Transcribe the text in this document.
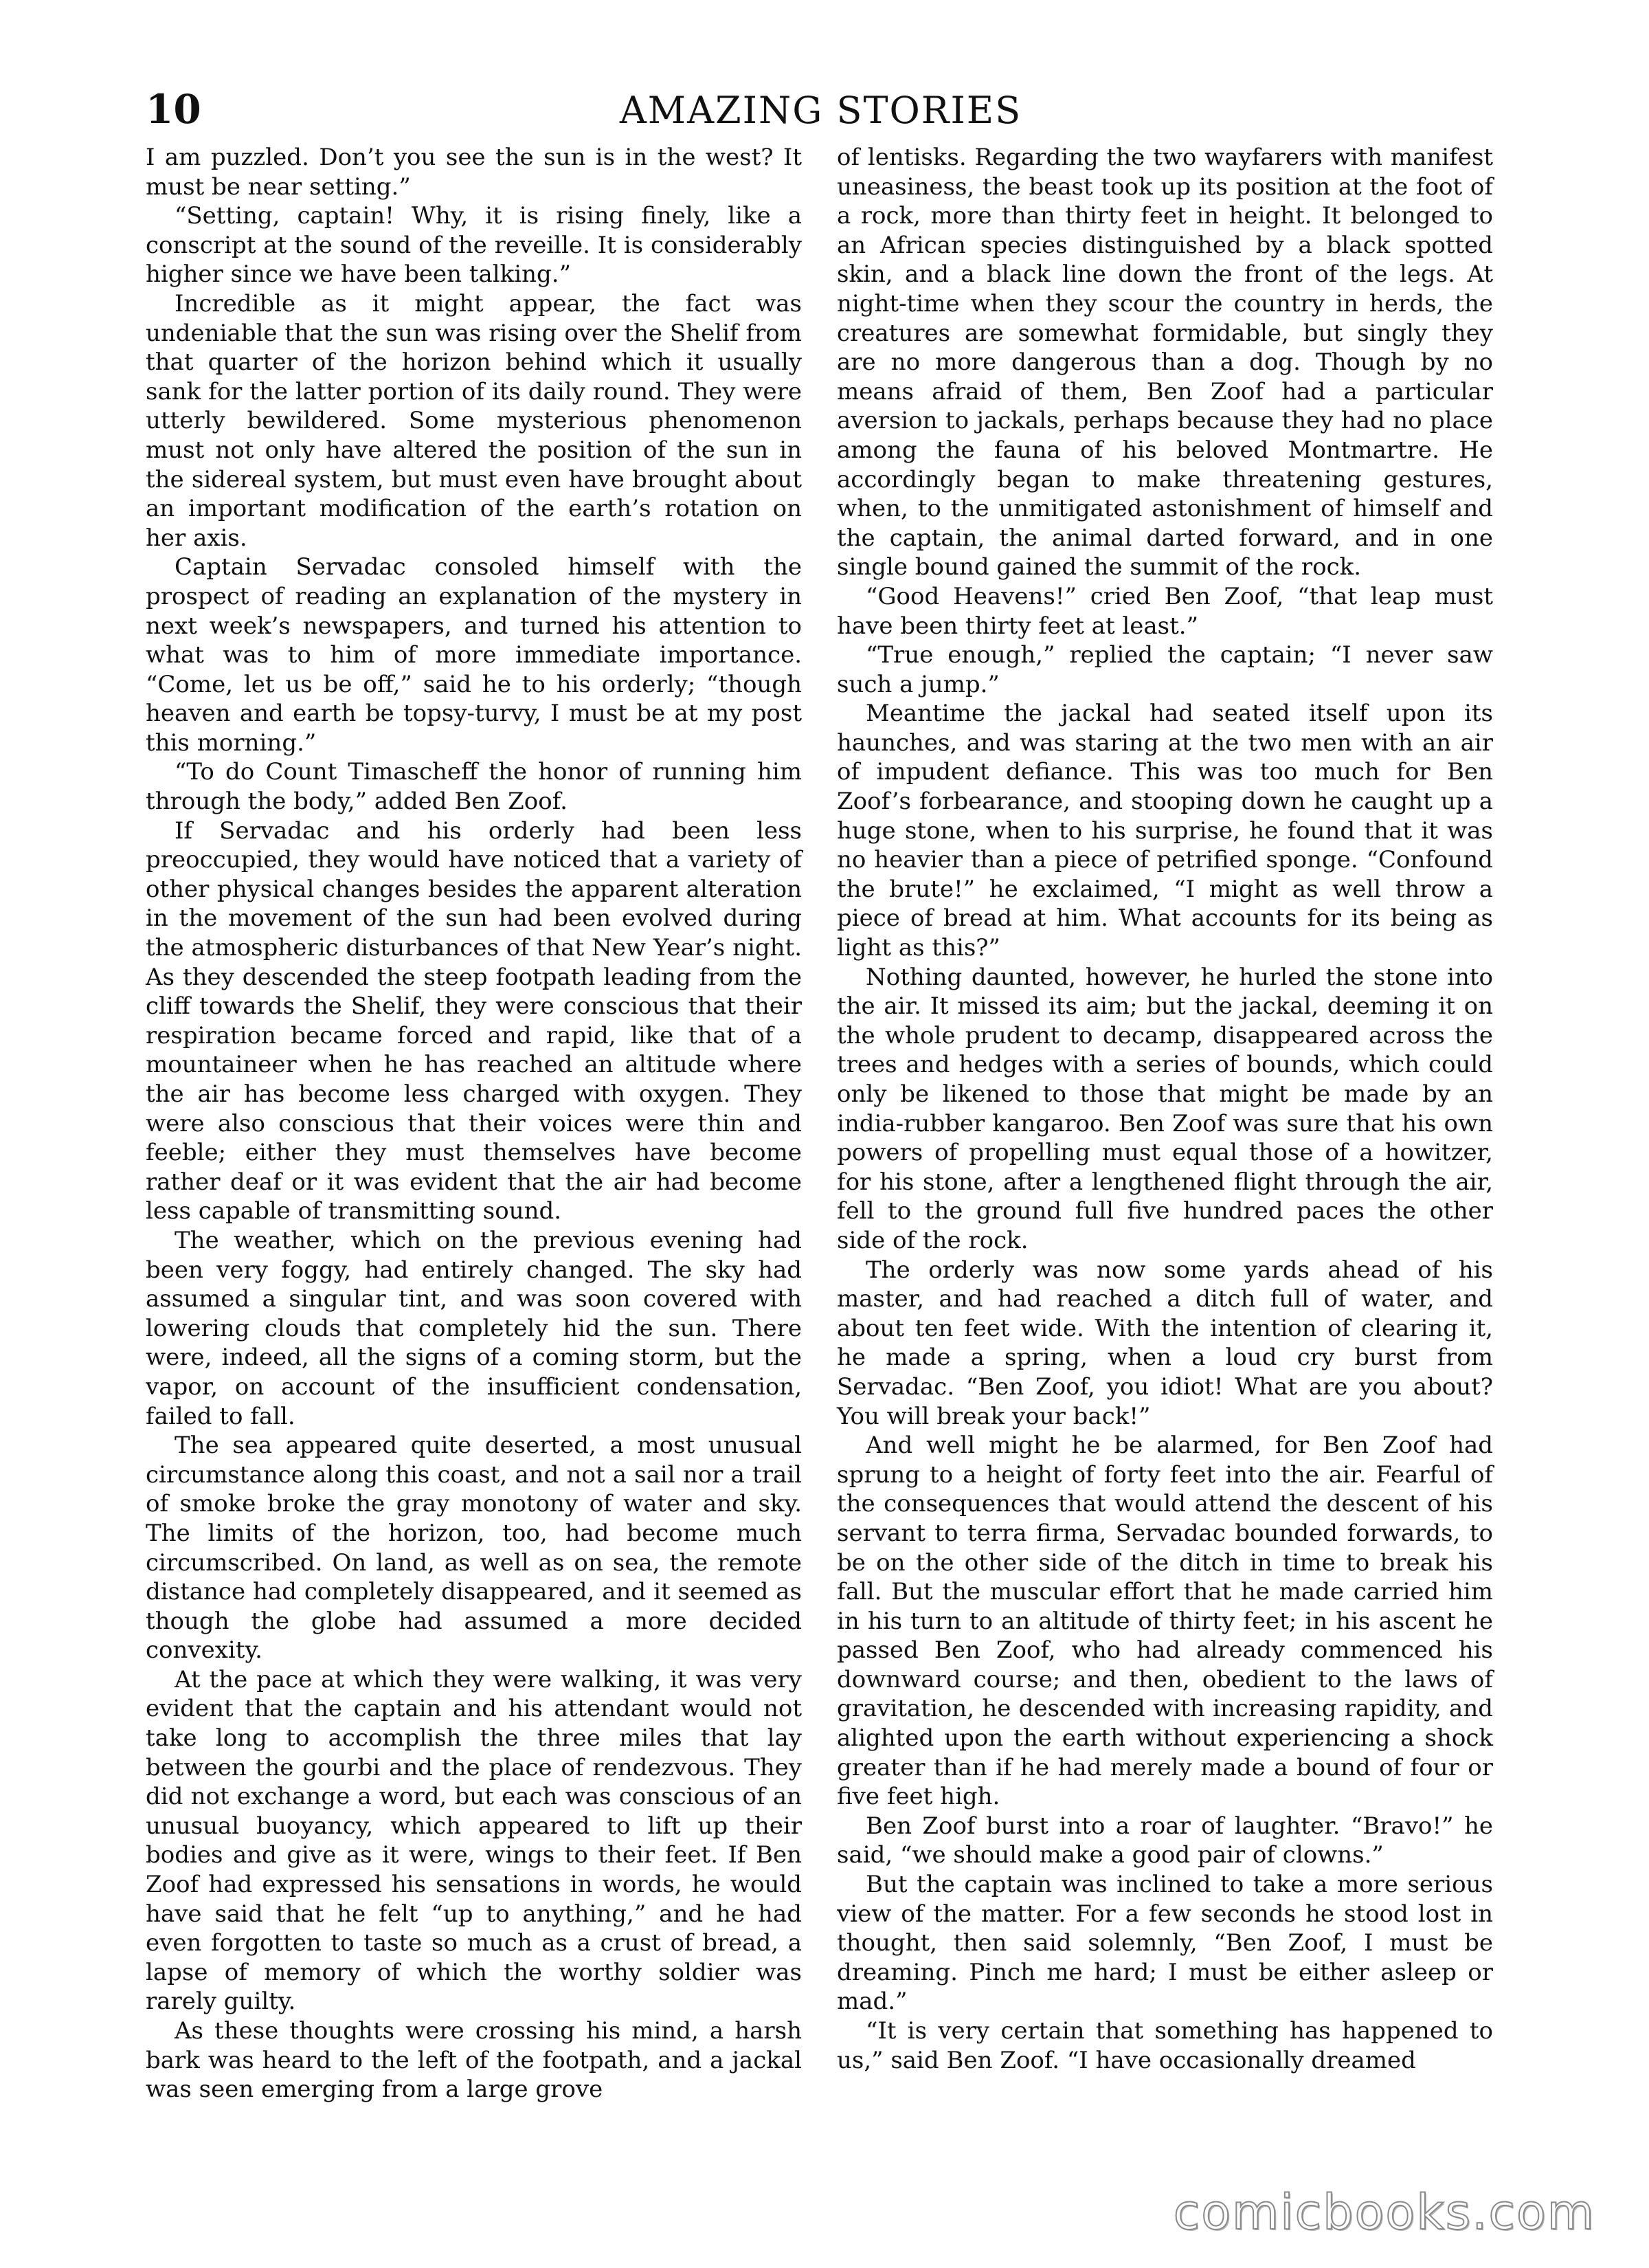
10	AMAZING STORIES

I am puzzled. Don’t you see the sun is in the west? It must be near setting.”

“Setting, captain! Why, it is rising finely, like a conscript at the sound of the reveille. It is considerably higher since we have been talking.”

Incredible as it might appear, the fact was undeniable that the sun was rising over the Shelif from that quarter of the horizon behind which it usually sank for the latter portion of its daily round. They were utterly bewildered. Some mysterious phenomenon must not only have altered the position of the sun in the sidereal system, but must even have brought about an important modification of the earth’s rotation on her axis.

Captain Servadac consoled himself with the prospect of reading an explanation of the mystery in next week’s newspapers, and turned his attention to what was to him of more immediate importance. “Come, let us be off,” said he to his orderly; “though heaven and earth be topsy-turvy, I must be at my post this morning.”

“To do Count Timascheff the honor of running him through the body,” added Ben Zoof.

If Servadac and his orderly had been less preoccupied, they would have noticed that a variety of other physical changes besides the apparent alteration in the movement of the sun had been evolved during the atmospheric disturbances of that New Year’s night. As they descended the steep footpath leading from the cliff towards the Shelif, they were conscious that their respiration became forced and rapid, like that of a mountaineer when he has reached an altitude where the air has become less charged with oxygen. They were also conscious that their voices were thin and feeble; either they must themselves have become rather deaf or it was evident that the air had become less capable of transmitting sound.

The weather, which on the previous evening had been very foggy, had entirely changed. The sky had assumed a singular tint, and was soon covered with lowering clouds that completely hid the sun. There were, indeed, all the signs of a coming storm, but the vapor, on account of the insufficient condensation, failed to fall.

The sea appeared quite deserted, a most unusual circumstance along this coast, and not a sail nor a trail of smoke broke the gray monotony of water and sky. The limits of the horizon, too, had become much circumscribed. On land, as well as on sea, the remote distance had completely disappeared, and it seemed as though the globe had assumed a more decided convexity.

At the pace at which they were walking, it was very evident that the captain and his attendant would not take long to accomplish the three miles that lay between the gourbi and the place of rendezvous. They did not exchange a word, but each was conscious of an unusual buoyancy, which appeared to lift up their bodies and give as it were, wings to their feet. If Ben Zoof had expressed his sensations in words, he would have said that he felt “up to anything,” and he had even forgotten to taste so much as a crust of bread, a lapse of memory of which the worthy soldier was rarely guilty.

As these thoughts were crossing his mind, a harsh bark was heard to the left of the footpath, and a jackal was seen emerging from a large grove

of lentisks. Regarding the two wayfarers with manifest uneasiness, the beast took up its position at the foot of a rock, more than thirty feet in height. It belonged to an African species distinguished by a black spotted skin, and a black line down the front of the legs. At night-time when they scour the country in herds, the creatures are somewhat formidable, but singly they are no more dangerous than a dog. Though by no means afraid of them, Ben Zoof had a particular aversion to jackals, perhaps because they had no place among the fauna of his beloved Montmartre. He accordingly began to make threatening gestures, when, to the unmitigated astonishment of himself and the captain, the animal darted forward, and in one single bound gained the summit of the rock.

“Good Heavens!” cried Ben Zoof, “that leap must have been thirty feet at least.”

“True enough,” replied the captain; “I never saw such a jump.”

Meantime the jackal had seated itself upon its haunches, and was staring at the two men with an air of impudent defiance. This was too much for Ben Zoof’s forbearance, and stooping down he caught up a huge stone, when to his surprise, he found that it was no heavier than a piece of petrified sponge. “Confound the brute!” he exclaimed, “I might as well throw a piece of bread at him. What accounts for its being as light as this?”

Nothing daunted, however, he hurled the stone into the air. It missed its aim; but the jackal, deeming it on the whole prudent to decamp, disappeared across the trees and hedges with a series of bounds, which could only be likened to those that might be made by an india-rubber kangaroo. Ben Zoof was sure that his own powers of propelling must equal those of a howitzer, for his stone, after a lengthened flight through the air, fell to the ground full five hundred paces the other side of the rock.

The orderly was now some yards ahead of his master, and had reached a ditch full of water, and about ten feet wide. With the intention of clearing it, he made a spring, when a loud cry burst from Servadac. “Ben Zoof, you idiot! What are you about? You will break your back!”

And well might he be alarmed, for Ben Zoof had sprung to a height of forty feet into the air. Fearful of the consequences that would attend the descent of his servant to terra firma, Servadac bounded forwards, to be on the other side of the ditch in time to break his fall. But the muscular effort that he made carried him in his turn to an altitude of thirty feet; in his ascent he passed Ben Zoof, who had already commenced his downward course; and then, obedient to the laws of gravitation, he descended with increasing rapidity, and alighted upon the earth without experiencing a shock greater than if he had merely made a bound of four or five feet high.

Ben Zoof burst into a roar of laughter. “Bravo!” he said, “we should make a good pair of clowns.”

But the captain was inclined to take a more serious view of the matter. For a few seconds he stood lost in thought, then said solemnly, “Ben Zoof, I must be dreaming. Pinch me hard; I must be either asleep or mad.”

“It is very certain that something has happened to us,” said Ben Zoof. “I have occasionally dreamed

comicbooks.com
